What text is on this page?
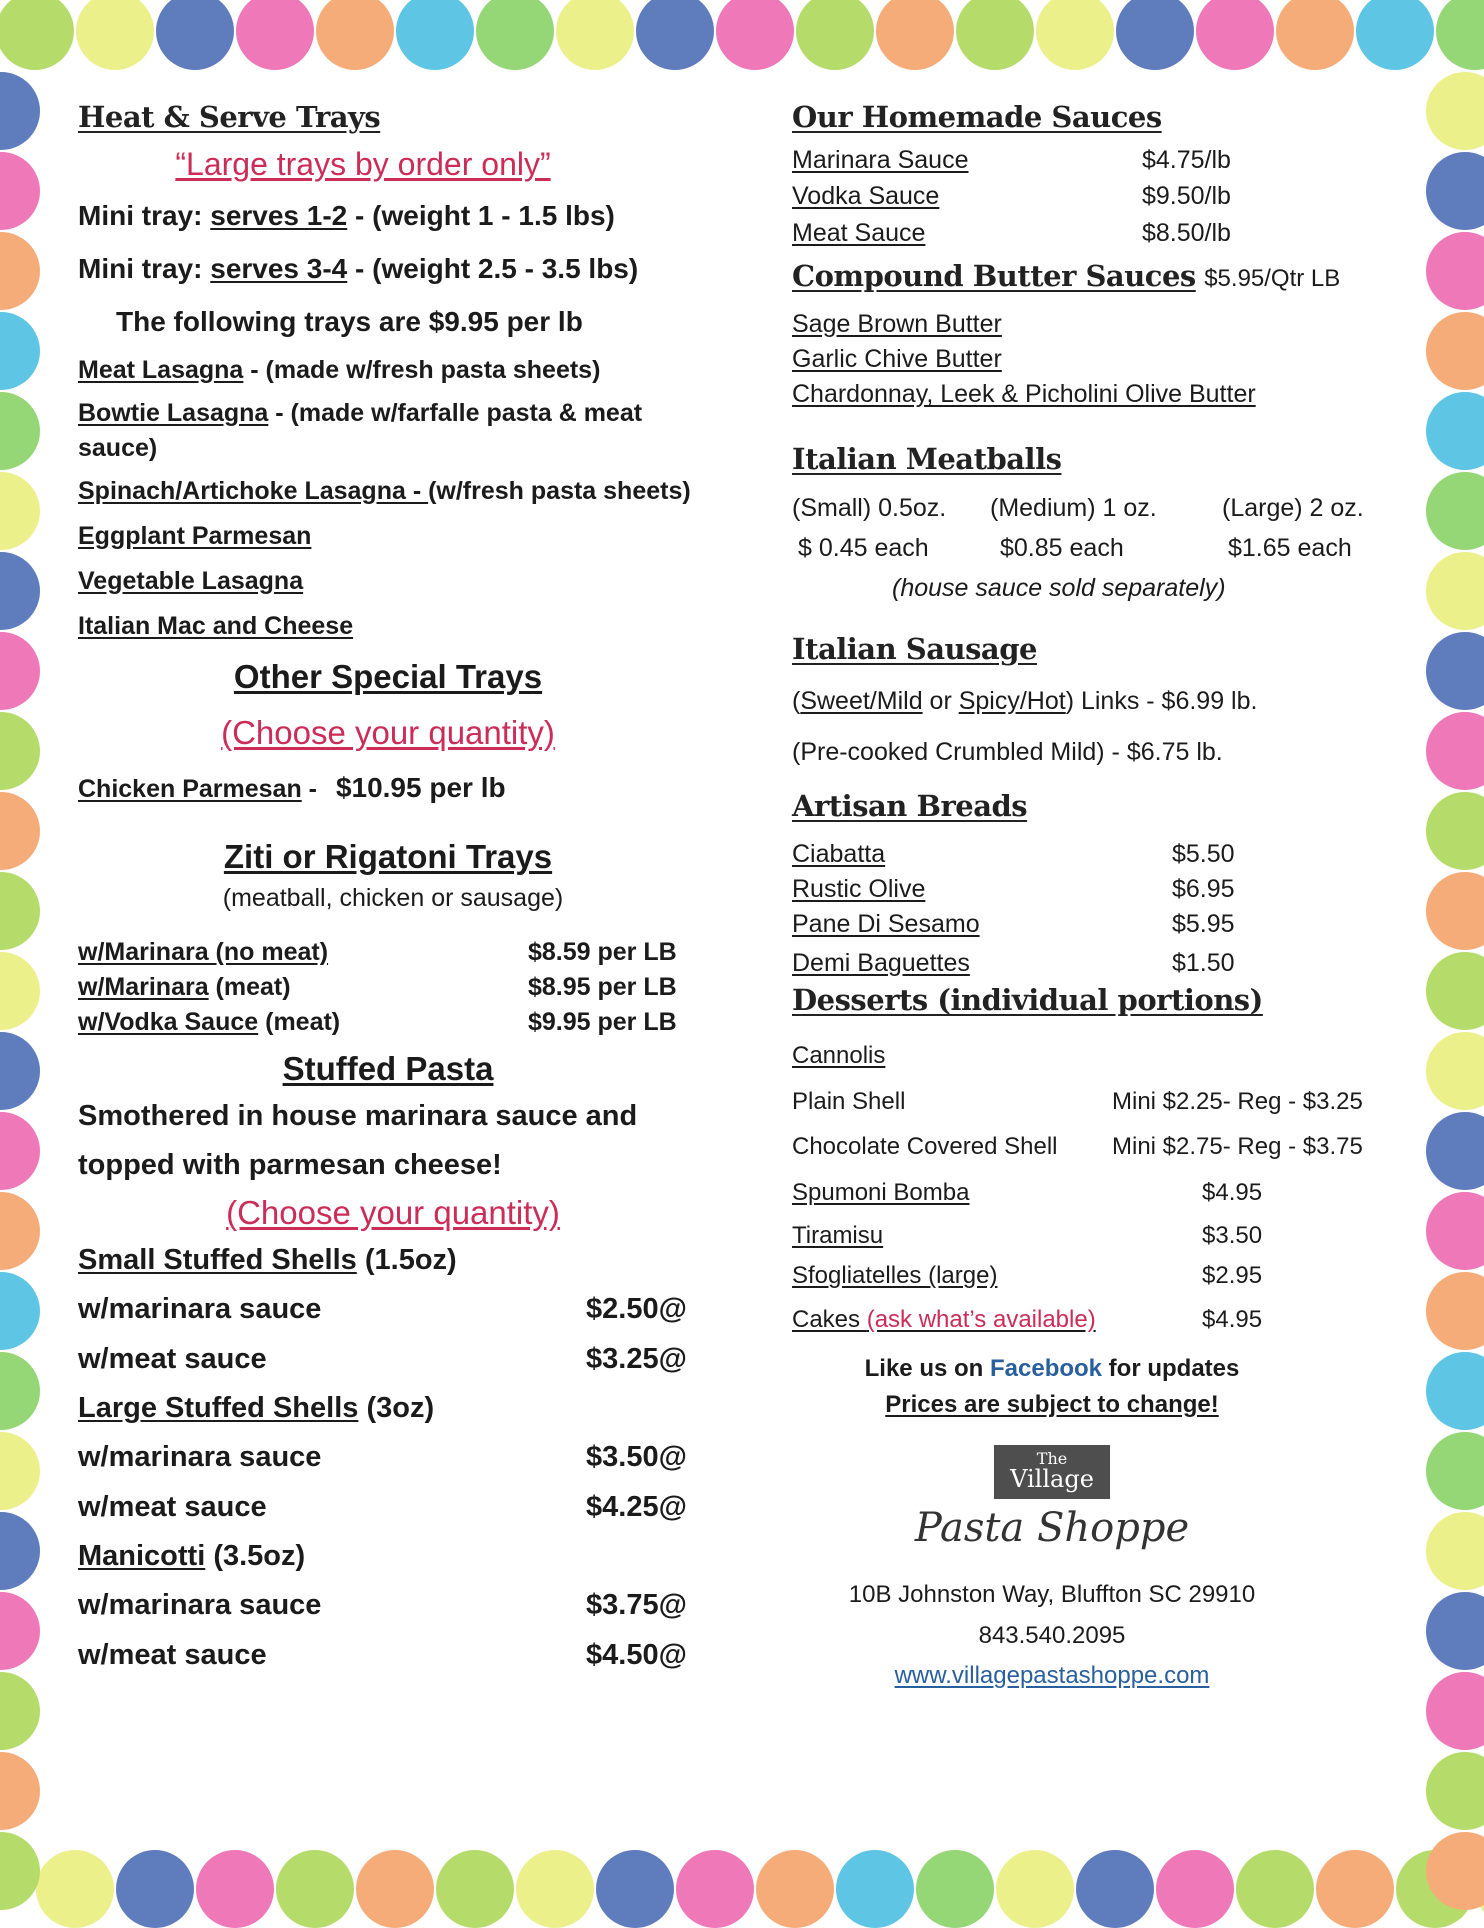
Heat & Serve Trays
“Large trays by order only”
Mini tray: serves 1-2 - (weight 1 - 1.5 lbs)
Mini tray: serves 3-4 - (weight 2.5 - 3.5 lbs)
The following trays are $9.95 per lb
Meat Lasagna - (made w/fresh pasta sheets)
Bowtie Lasagna - (made w/farfalle pasta & meat sauce)
Spinach/Artichoke Lasagna - (w/fresh pasta sheets)
Eggplant Parmesan
Vegetable Lasagna
Italian Mac and Cheese
Other Special Trays
(Choose your quantity)
Chicken Parmesan - $10.95 per lb
Ziti or Rigatoni Trays
(meatball, chicken or sausage)
w/Marinara (no meat)	$8.59 per LB
w/Marinara (meat)	$8.95 per LB
w/Vodka Sauce (meat)	$9.95 per LB
Stuffed Pasta
Smothered in house marinara sauce and
topped with parmesan cheese!
(Choose your quantity)
Small Stuffed Shells (1.5oz)
w/marinara sauce	$2.50@
w/meat sauce	$3.25@
Large Stuffed Shells (3oz)
w/marinara sauce	$3.50@
w/meat sauce	$4.25@
Manicotti (3.5oz)
w/marinara sauce	$3.75@
w/meat sauce	$4.50@
Our Homemade Sauces
Marinara Sauce	$4.75/lb
Vodka Sauce	$9.50/lb
Meat Sauce	$8.50/lb
Compound Butter Sauces $5.95/Qtr LB
Sage Brown Butter
Garlic Chive Butter
Chardonnay, Leek & Picholini Olive Butter
Italian Meatballs
(Small) 0.5oz.	(Medium) 1 oz.	(Large) 2 oz.
$ 0.45 each	$0.85 each	$1.65 each
(house sauce sold separately)
Italian Sausage
(Sweet/Mild or Spicy/Hot) Links - $6.99 lb.
(Pre-cooked Crumbled Mild) - $6.75 lb.
Artisan Breads
Ciabatta	$5.50
Rustic Olive	$6.95
Pane Di Sesamo	$5.95
Demi Baguettes	$1.50
Desserts (individual portions)
Cannolis
Plain Shell	Mini $2.25 - Reg - $3.25
Chocolate Covered Shell	Mini $2.75 - Reg - $3.75
Spumoni Bomba	$4.95
Tiramisu	$3.50
Sfogliatelles (large)	$2.95
Cakes (ask what’s available)	$4.95
Like us on Facebook for updates
Prices are subject to change!
The
Village
Pasta Shoppe
10B Johnston Way, Bluffton SC 29910
843.540.2095
www.villagepastashoppe.com
